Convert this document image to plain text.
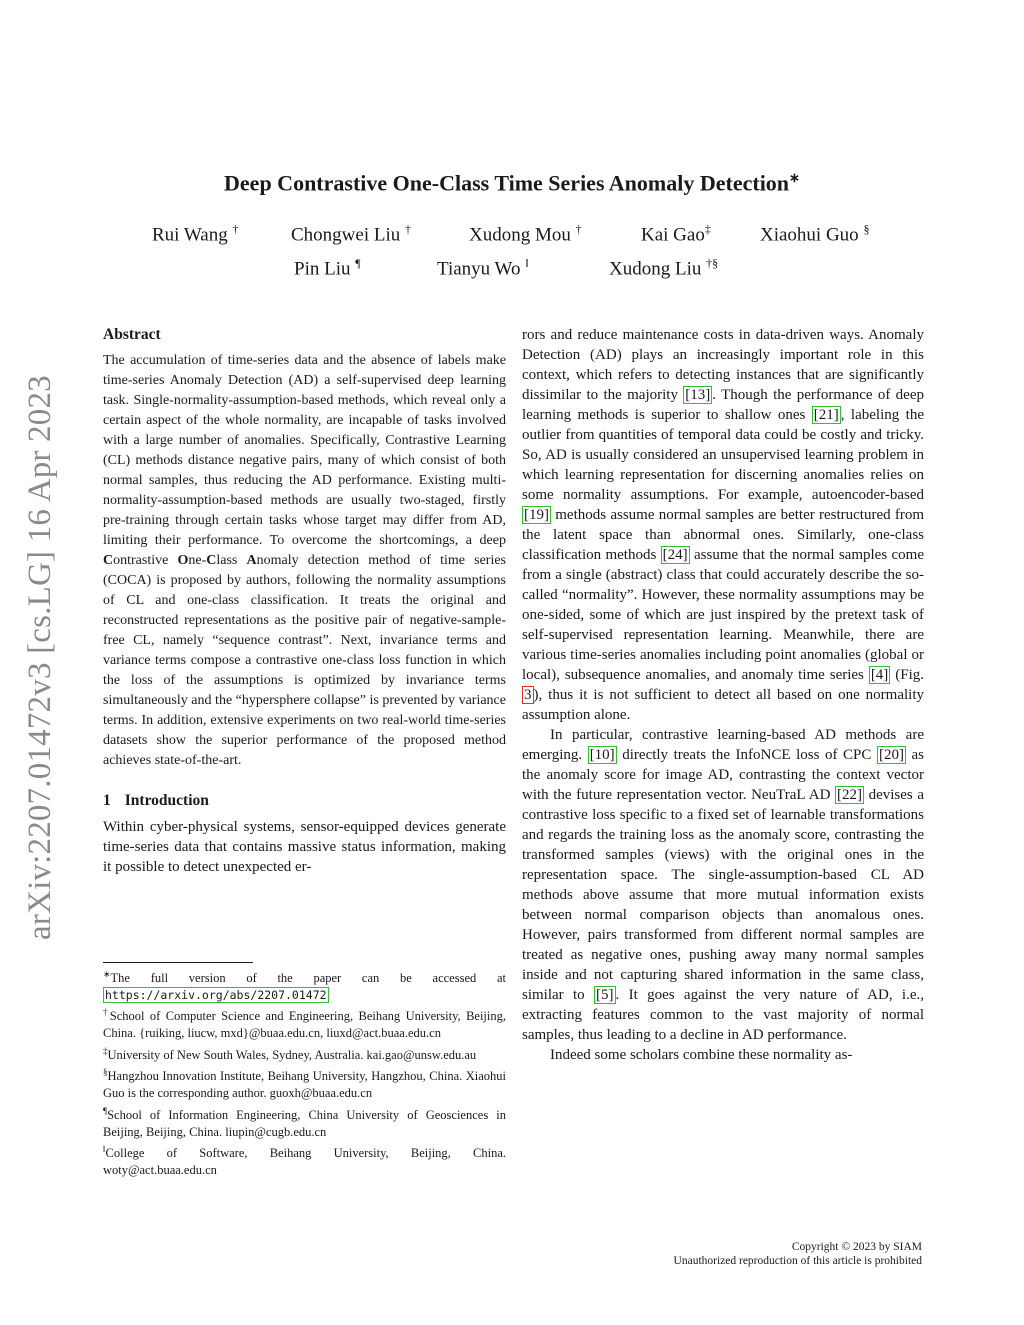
arXiv:2207.01472v3 [cs.LG] 16 Apr 2023
Deep Contrastive One-Class Time Series Anomaly Detection∗
Rui Wang †	Chongwei Liu †	Xudong Mou †	Kai Gao‡	Xiaohui Guo §
Pin Liu ¶	Tianyu Wo ‖	Xudong Liu †§
Abstract

The accumulation of time-series data and the absence of labels make time-series Anomaly Detection (AD) a self-supervised deep learning task. Single-normality-assumption-based methods, which reveal only a certain aspect of the whole normality, are incapable of tasks involved with a large number of anomalies. Specifically, Contrastive Learning (CL) methods distance negative pairs, many of which consist of both normal samples, thus reducing the AD performance. Existing multi-normality-assumption-based methods are usually two-staged, firstly pre-training through certain tasks whose target may differ from AD, limiting their performance. To overcome the shortcomings, a deep Contrastive One-Class Anomaly detection method of time series (COCA) is proposed by authors, following the normality assumptions of CL and one-class classification. It treats the original and reconstructed representations as the positive pair of negative-sample-free CL, namely “sequence contrast”. Next, invariance terms and variance terms compose a contrastive one-class loss function in which the loss of the assumptions is optimized by invariance terms simultaneously and the “hypersphere collapse” is prevented by variance terms. In addition, extensive experiments on two real-world time-series datasets show the superior performance of the proposed method achieves state-of-the-art.

1 Introduction

Within cyber-physical systems, sensor-equipped devices generate time-series data that contains massive status information, making it possible to detect unexpected er-

∗The full version of the paper can be accessed at https://arxiv.org/abs/2207.01472

†School of Computer Science and Engineering, Beihang University, Beijing, China. {ruiking, liucw, mxd}@buaa.edu.cn, liuxd@act.buaa.edu.cn

‡University of New South Wales, Sydney, Australia. kai.gao@unsw.edu.au

§Hangzhou Innovation Institute, Beihang University, Hangzhou, China. Xiaohui Guo is the corresponding author. guoxh@buaa.edu.cn

¶School of Information Engineering, China University of Geosciences in Beijing, Beijing, China. liupin@cugb.edu.cn

‖College of Software, Beihang University, Beijing, China. woty@act.buaa.edu.cn

rors and reduce maintenance costs in data-driven ways. Anomaly Detection (AD) plays an increasingly important role in this context, which refers to detecting instances that are significantly dissimilar to the majority [13] . Though the performance of deep learning methods is superior to shallow ones [21] , labeling the outlier from quantities of temporal data could be costly and tricky. So, AD is usually considered an unsupervised learning problem in which learning representation for discerning anomalies relies on some normality assumptions. For example, autoencoder-based [19] methods assume normal samples are better restructured from the latent space than abnormal ones. Similarly, one-class classification methods [24] assume that the normal samples come from a single (abstract) class that could accurately describe the so-called “normality”. However, these normality assumptions may be one-sided, some of which are just inspired by the pretext task of self-supervised representation learning. Meanwhile, there are various time-series anomalies including point anomalies (global or local), subsequence anomalies, and anomaly time series [4] (Fig. 3 ), thus it is not sufficient to detect all based on one normality assumption alone.

In particular, contrastive learning-based AD methods are emerging. [10] directly treats the InfoNCE loss of CPC [20] as the anomaly score for image AD, contrasting the context vector with the future representation vector. NeuTraL AD [22] devises a contrastive loss specific to a fixed set of learnable transformations and regards the training loss as the anomaly score, contrasting the transformed samples (views) with the original ones in the representation space. The single-assumption-based CL AD methods above assume that more mutual information exists between normal comparison objects than anomalous ones. However, pairs transformed from different normal samples are treated as negative ones, pushing away many normal samples inside and not capturing shared information in the same class, similar to [5] . It goes against the very nature of AD, i.e., extracting features common to the vast majority of normal samples, thus leading to a decline in AD performance.

Indeed some scholars combine these normality as-

Copyright © 2023 by SIAM
Unauthorized reproduction of this article is prohibited
